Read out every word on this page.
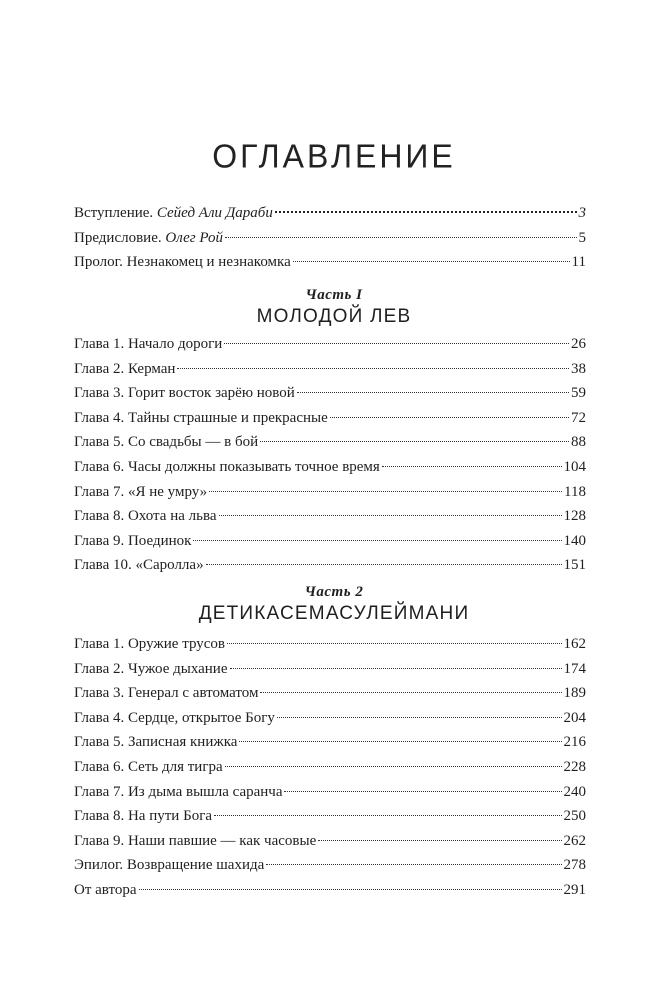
ОГЛАВЛЕНИЕ
Вступление. Сейед Али Дараби	3
Предисловие. Олег Рой	5
Пролог. Незнакомец и незнакомка	11
Часть I
МОЛОДОЙ ЛЕВ
Глава 1. Начало дороги	26
Глава 2. Керман	38
Глава 3. Горит восток зарёю новой	59
Глава 4. Тайны страшные и прекрасные	72
Глава 5. Со свадьбы — в бой	88
Глава 6. Часы должны показывать точное время	104
Глава 7. «Я не умру»	118
Глава 8. Охота на льва	128
Глава 9. Поединок	140
Глава 10. «Саролла»	151
Часть 2
ДЕТИКАСЕМАСУЛЕЙМАНИ
Глава 1. Оружие трусов	162
Глава 2. Чужое дыхание	174
Глава 3. Генерал с автоматом	189
Глава 4. Сердце, открытое Богу	204
Глава 5. Записная книжка	216
Глава 6. Сеть для тигра	228
Глава 7. Из дыма вышла саранча	240
Глава 8. На пути Бога	250
Глава 9. Наши павшие — как часовые	262
Эпилог. Возвращение шахида	278
От автора	291
